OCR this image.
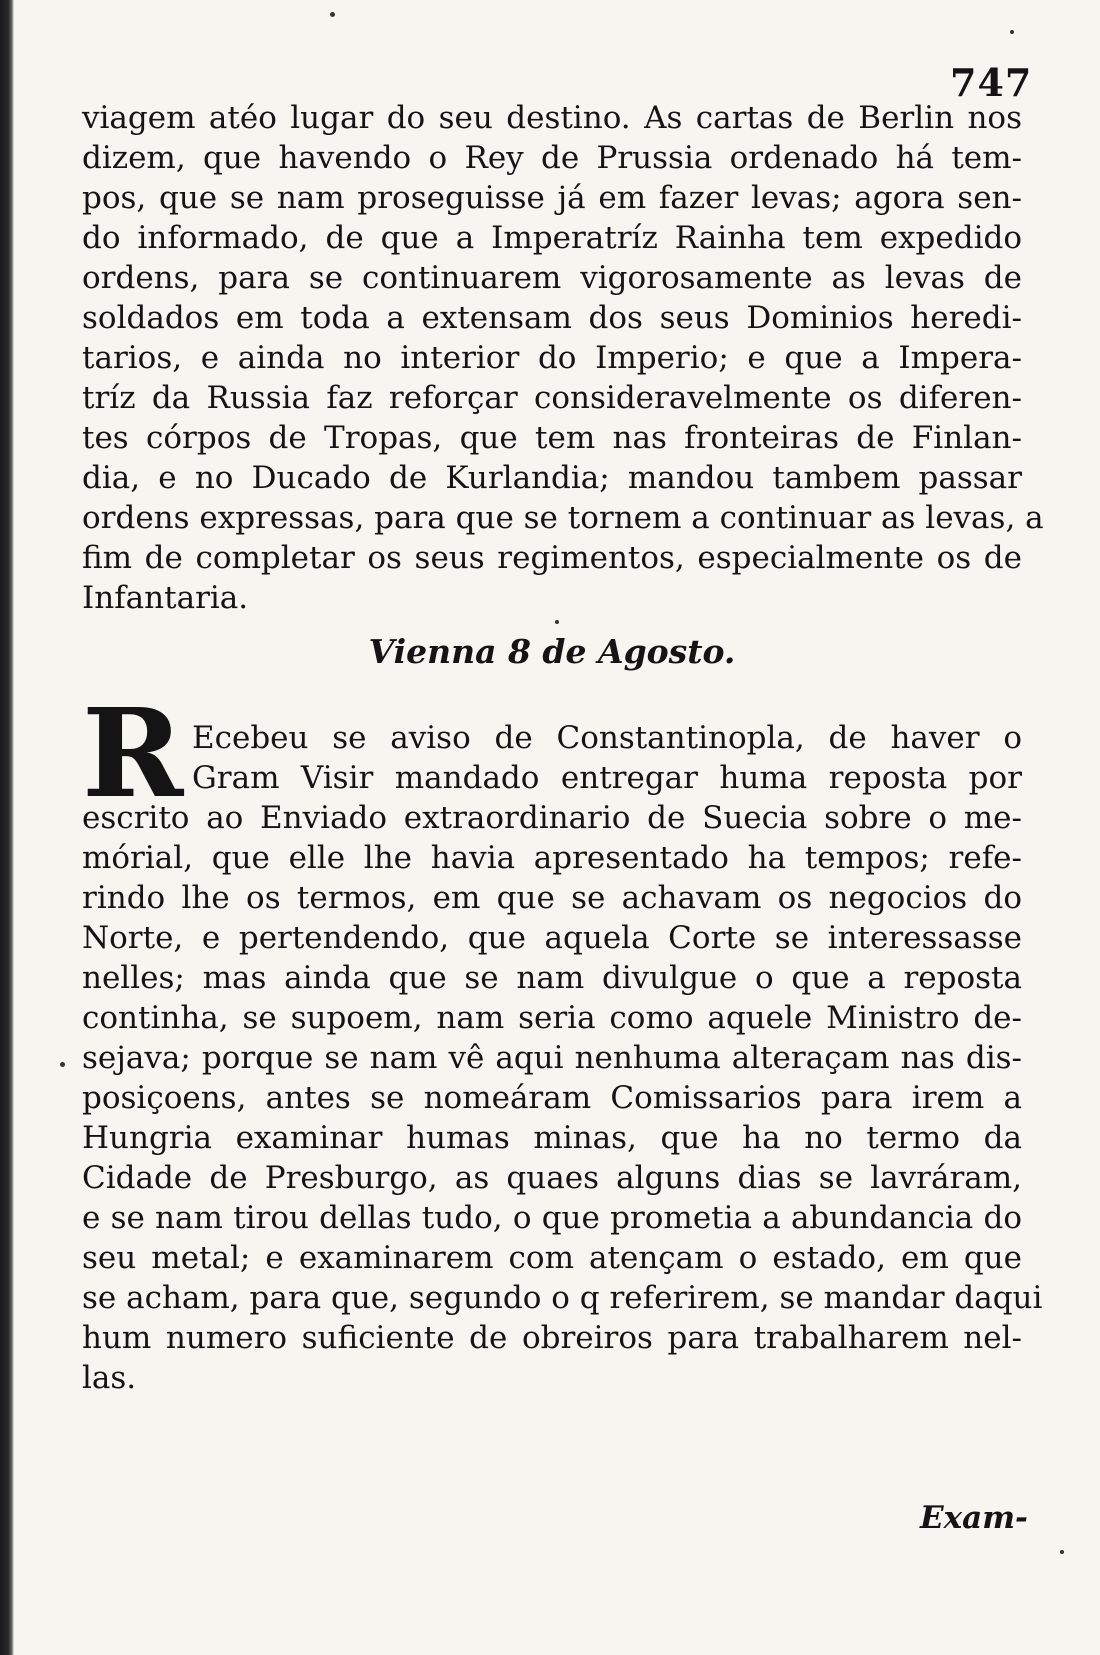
747
viagem atéo lugar do seu destino. As cartas de Berlin nos
dizem, que havendo o Rey de Prussia ordenado há tem-
pos, que se nam proseguisse já em fazer levas; agora sen-
do informado, de que a Imperatríz Rainha tem expedido
ordens, para se continuarem vigorosamente as levas de
soldados em toda a extensam dos seus Dominios heredi-
tarios, e ainda no interior do Imperio; e que a Impera-
tríz da Russia faz reforçar consideravelmente os diferen-
tes córpos de Tropas, que tem nas fronteiras de Finlan-
dia, e no Ducado de Kurlandia; mandou tambem passar
ordens expressas, para que se tornem a continuar as levas, a
fim de completar os seus regimentos, especialmente os de
Infantaria.
Vienna 8 de Agosto.
Ecebeu se aviso de Constantinopla, de haver o
Gram Visir mandado entregar huma reposta por
escrito ao Enviado extraordinario de Suecia sobre o me-
mórial, que elle lhe havia apresentado ha tempos; refe-
rindo lhe os termos, em que se achavam os negocios do
Norte, e pertendendo, que aquela Corte se interessasse
nelles; mas ainda que se nam divulgue o que a reposta
continha, se supoem, nam seria como aquele Ministro de-
sejava; porque se nam vê aqui nenhuma alteraçam nas dis-
posiçoens, antes se nomeáram Comissarios para irem a
Hungria examinar humas minas, que ha no termo da
Cidade de Presburgo, as quaes alguns dias se lavráram,
e se nam tirou dellas tudo, o que prometia a abundancia do
seu metal; e examinarem com atençam o estado, em que
se acham, para que, segundo o q referirem, se mandar daqui
hum numero suficiente de obreiros para trabalharem nel-
las.
R
Exam-
